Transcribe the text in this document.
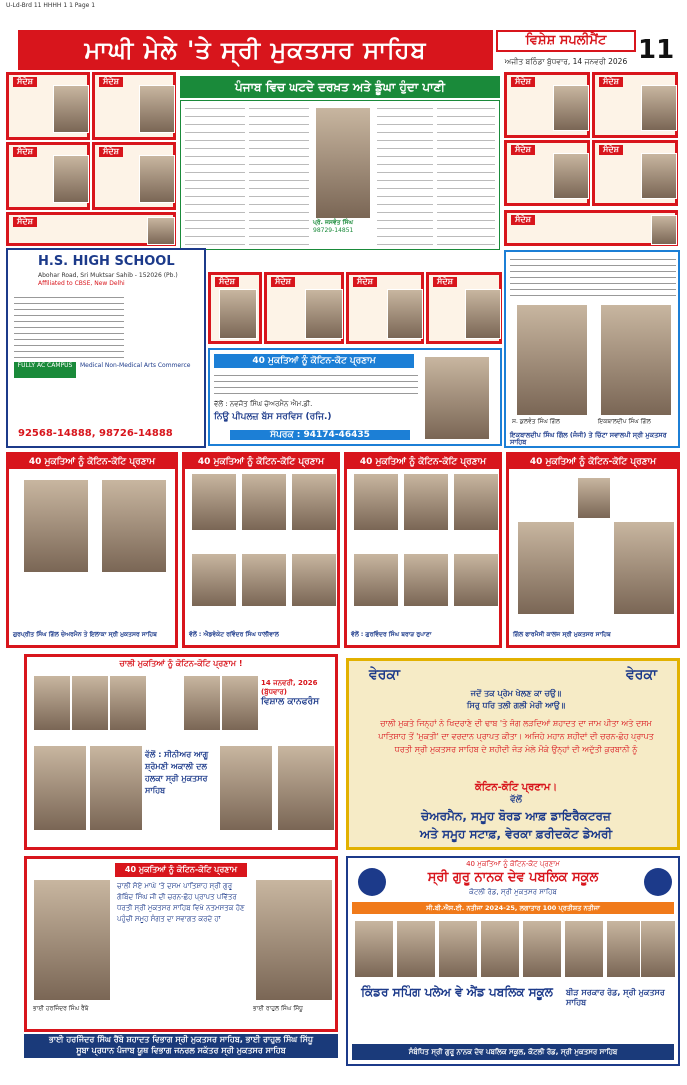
U-Ld-Brd 11 HHHH 1 1 Page 1
ਮਾਘੀ ਮੇਲੇ 'ਤੇ ਸ੍ਰੀ ਮੁਕਤਸਰ ਸਾਹਿਬ	ਵਿਸ਼ੇਸ਼ ਸਪਲੀਮੈਂਟ	11
ਅਜੀਤ ਬਠਿੰਡਾ ਬੁੱਧਵਾਰ, 14 ਜਨਵਰੀ 2026
ਸੰਦੇਸ਼	ਸੰਦੇਸ਼
ਸੰਦੇਸ਼	ਸੰਦੇਸ਼
ਸੰਦੇਸ਼
ਪੰਜਾਬ ਵਿਚ ਘਟਦੇ ਦਰਖ਼ਤ ਅਤੇ ਡੂੰਘਾ ਹੁੰਦਾ ਪਾਣੀ
ਪ੍ਰੋ. ਜਸਵੰਤ ਸਿੰਘ
98729-14851
ਸੰਦੇਸ਼	ਸੰਦੇਸ਼
ਸੰਦੇਸ਼	ਸੰਦੇਸ਼
ਸੰਦੇਸ਼
H.S. HIGH SCHOOL
Abohar Road, Sri Muktsar Sahib - 152026 (Pb.)
Affiliated to CBSE, New Delhi
FULLY AC CAMPUS	Medical Non-Medical Arts Commerce
92568-14888, 98726-14888
ਸੰਦੇਸ਼	ਸੰਦੇਸ਼	ਸੰਦੇਸ਼	ਸੰਦੇਸ਼
40 ਮੁਕਤਿਆਂ ਨੂੰ ਕੋਟਿਨ-ਕੋਟ ਪ੍ਰਣਾਮ
ਵੱਲੋਂ : ਨਵਜੋਤ ਸਿੰਘ ਚੇਅਰਮੈਨ ਐਮ.ਡੀ.
ਨਿਊ ਪੀਪਲਜ਼ ਬੱਸ ਸਰਵਿਸ (ਰਜਿ.)
ਸੰਪਰਕ : 94174-46435
ਸ. ਕੁਲਵੰਤ ਸਿੰਘ ਗਿੱਲ	ਇਕਬਾਲਦੀਪ ਸਿੰਘ ਗਿੱਲ
ਇਕਬਾਲਦੀਪ ਸਿੰਘ ਗਿੱਲ (ਜੰਜੀ) ਤੇ ਚਿੱਟਾ ਸਵਾਲਪੀ ਸ੍ਰੀ ਮੁਕਤਸਰ ਸਾਹਿਬ
40 ਮੁਕਤਿਆਂ ਨੂੰ ਕੋਟਿਨ-ਕੋਟਿ ਪ੍ਰਣਾਮ
ਗੁਰਪ੍ਰੀਤ ਸਿੰਘ ਗਿੱਲ ਚੇਅਰਮੈਨ ਤੇ ਇਲਾਕਾ ਸ੍ਰੀ ਮੁਕਤਸਰ ਸਾਹਿਬ
40 ਮੁਕਤਿਆਂ ਨੂੰ ਕੋਟਿਨ-ਕੋਟਿ ਪ੍ਰਣਾਮ
ਵੱਲੋਂ : ਐਡਵੋਕੇਟ ਰਵਿੰਦਰ ਸਿੰਘ ਧਾਲੀਵਾਲ
40 ਮੁਕਤਿਆਂ ਨੂੰ ਕੋਟਿਨ-ਕੋਟਿ ਪ੍ਰਣਾਮ
ਵੱਲੋਂ : ਗੁਰਵਿੰਦਰ ਸਿੰਘ ਬਰਾੜ ਰੁਪਾਣਾ
40 ਮੁਕਤਿਆਂ ਨੂੰ ਕੋਟਿਨ-ਕੋਟਿ ਪ੍ਰਣਾਮ
ਗਿੱਲ ਫਾਰਮੈਸੀ ਕਾਲਜ ਸ੍ਰੀ ਮੁਕਤਸਰ ਸਾਹਿਬ
ਚਾਲੀ ਮੁਕਤਿਆਂ ਨੂੰ ਕੋਟਿਨ-ਕੋਟਿ ਪ੍ਰਣਾਮ !
14 ਜਨਵਰੀ, 2026 (ਬੁੱਧਵਾਰ)
ਵਿਸ਼ਾਲ ਕਾਨਫਰੰਸ
ਵੱਲੋਂ : ਸੀਨੀਅਰ ਆਗੂ ਸ਼੍ਰੋਮਣੀ ਅਕਾਲੀ ਦਲ ਹਲਕਾ ਸ੍ਰੀ ਮੁਕਤਸਰ ਸਾਹਿਬ
ਵੇਰਕਾ	ਵੇਰਕਾ
ਜਦੋਂ ਤਕ ਪ੍ਰੇਮ ਖੇਲਣ ਕਾ ਚਉ॥
ਸਿਰੁ ਧਰਿ ਤਲੀ ਗਲੀ ਮੇਰੀ ਆਉ॥
ਚਾਲੀ ਮੁਕਤੇ ਜਿਨ੍ਹਾਂ ਨੇ ਖਿਦਰਾਣੇ ਦੀ ਢਾਬ 'ਤੇ ਜੰਗ ਲੜਦਿਆਂ ਸ਼ਹਾਦਤ ਦਾ ਜਾਮ ਪੀਤਾ ਅਤੇ ਦਸਮ ਪਾਤਿਸ਼ਾਹ ਤੋਂ 'ਮੁਕਤੀ' ਦਾ ਵਰਦਾਨ ਪ੍ਰਾਪਤ ਕੀਤਾ। ਅਜਿਹੇ ਮਹਾਨ ਸ਼ਹੀਦਾਂ ਦੀ ਚਰਨ-ਛੋਹ ਪ੍ਰਾਪਤ ਧਰਤੀ ਸ੍ਰੀ ਮੁਕਤਸਰ ਸਾਹਿਬ ਦੇ ਸ਼ਹੀਦੀ ਜੋੜ ਮੇਲੇ ਮੌਕੇ ਉਨ੍ਹਾਂ ਦੀ ਅਦੁੱਤੀ ਕੁਰਬਾਨੀ ਨੂੰ
ਕੋਟਿਨ-ਕੋਟਿ ਪ੍ਰਣਾਮ।
ਵੱਲੋਂ
ਚੇਅਰਮੈਨ, ਸਮੂਹ ਬੋਰਡ ਆਫ਼ ਡਾਇਰੈਕਟਰਜ਼
ਅਤੇ ਸਮੂਹ ਸਟਾਫ਼, ਵੇਰਕਾ ਫ਼ਰੀਦਕੋਟ ਡੇਅਰੀ
40 ਮੁਕਤਿਆਂ ਨੂੰ ਕੋਟਿਨ-ਕੋਟਿ ਪ੍ਰਣਾਮ
ਚਾਲੀ ਸੋਏ ਮਾਘੇ 'ਤੇ ਦਸਮ ਪਾਤਿਸ਼ਾਹ ਸ੍ਰੀ ਗੁਰੂ ਗੋਬਿੰਦ ਸਿੰਘ ਜੀ ਦੀ ਚਰਨ-ਛੋਹ ਪ੍ਰਾਪਤ ਪਵਿੱਤਰ ਧਰਤੀ ਸ੍ਰੀ ਮੁਕਤਸਰ ਸਾਹਿਬ ਵਿਖੇ ਨਤਮਸਤਕ ਹੋਣ ਪਹੁੰਚੀ ਸਮੂਹ ਸੰਗਤ ਦਾ ਸਵਾਗਤ ਕਰਦੇ ਹਾਂ
ਭਾਈ ਹਰਜਿੰਦਰ ਸਿੰਘ ਰੈਂਬੋ	ਭਾਈ ਰਾਹੁਲ ਸਿੰਘ ਸਿੱਧੂ
ਭਾਈ ਹਰਜਿੰਦਰ ਸਿੰਘ ਰੈਂਬੋ ਸ਼ਹਾਦਤ ਵਿਭਾਗ ਸ੍ਰੀ ਮੁਕਤਸਰ ਸਾਹਿਬ, ਭਾਈ ਰਾਹੁਲ ਸਿੰਘ ਸਿੱਧੂ
ਸੂਬਾ ਪ੍ਰਧਾਨ ਪੰਜਾਬ ਯੂਥ ਵਿਭਾਗ ਜਨਰਲ ਸਕੱਤਰ ਸ੍ਰੀ ਮੁਕਤਸਰ ਸਾਹਿਬ
40 ਮੁਕਤਿਆਂ ਨੂੰ ਕੋਟਿਨ-ਕੋਟ ਪ੍ਰਣਾਮ
ਸ੍ਰੀ ਗੁਰੂ ਨਾਨਕ ਦੇਵ ਪਬਲਿਕ ਸਕੂਲ
ਕੋਟਲੀ ਰੋਡ, ਸ੍ਰੀ ਮੁਕਤਸਰ ਸਾਹਿਬ
ਸੀ.ਬੀ.ਐਸ.ਈ. ਨਤੀਜਾ 2024-25, ਲਗਾਤਾਰ 100 ਪ੍ਰਤੀਸ਼ਤ ਨਤੀਜਾ
ਕਿੰਡਰ ਸਪਿੰਗ ਪਲੇਅ ਵੇ ਐਂਡ ਪਬਲਿਕ ਸਕੂਲ	ਬੀੜ ਸਰਕਾਰ ਰੋਡ, ਸ੍ਰੀ ਮੁਕਤਸਰ ਸਾਹਿਬ
ਸੰਬੰਧਿਤ ਸ੍ਰੀ ਗੁਰੂ ਨਾਨਕ ਦੇਵ ਪਬਲਿਕ ਸਕੂਲ, ਕੋਟਲੀ ਰੋਡ, ਸ੍ਰੀ ਮੁਕਤਸਰ ਸਾਹਿਬ
